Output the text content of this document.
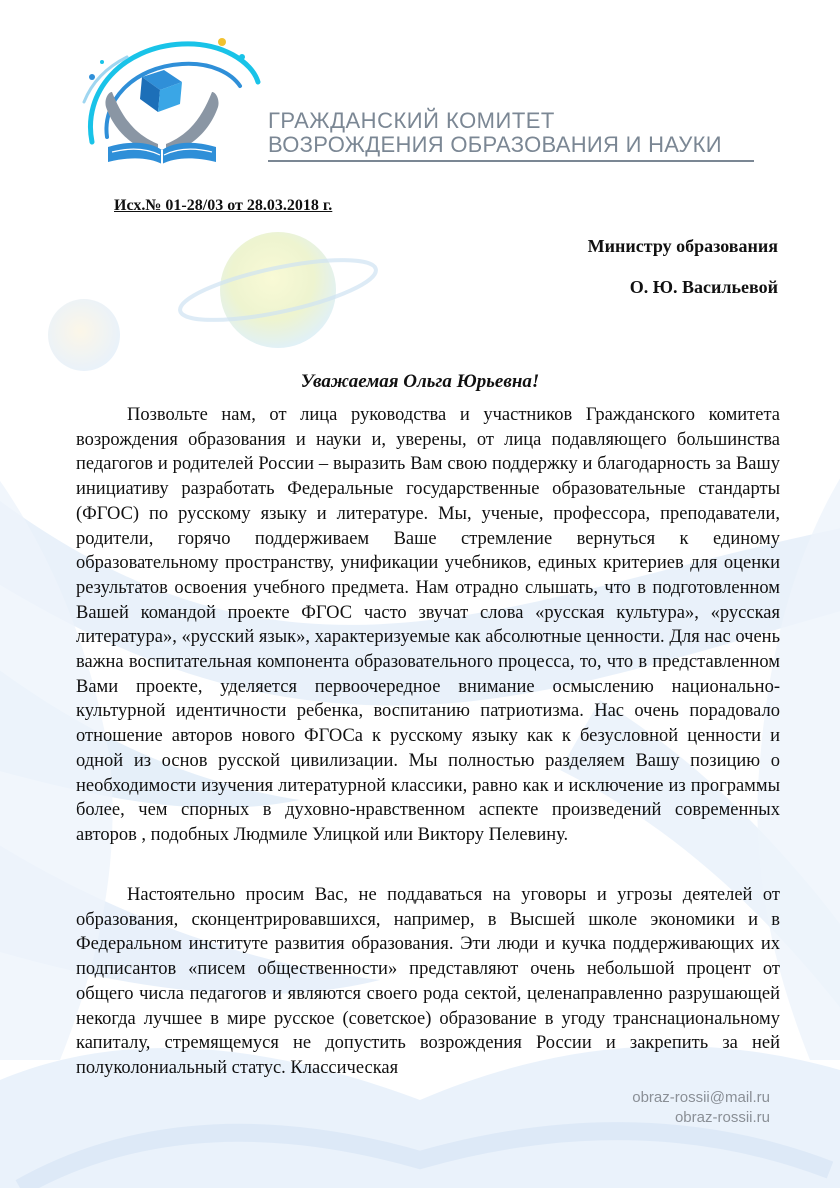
ГРАЖДАНСКИЙ КОМИТЕТ
ВОЗРОЖДЕНИЯ ОБРАЗОВАНИЯ И НАУКИ
Исх.№ 01-28/03 от 28.03.2018 г.
Министру образования
О. Ю. Васильевой
Уважаемая Ольга Юрьевна!

Позвольте нам, от лица руководства и участников Гражданского комитета возрождения образования и науки и, уверены, от лица подавляющего большинства педагогов и родителей России – выразить Вам свою поддержку и благодарность за Вашу инициативу разработать Федеральные государственные образовательные стандарты (ФГОС) по русскому языку и литературе. Мы, ученые, профессора, преподаватели, родители, горячо поддерживаем Ваше стремление вернуться к единому образовательному пространству, унификации учебников, единых критериев для оценки результатов освоения учебного предмета. Нам отрадно слышать, что в подготовленном Вашей командой проекте ФГОС часто звучат слова «русская культура», «русская литература», «русский язык», характеризуемые как абсолютные ценности. Для нас очень важна воспитательная компонента образовательного процесса, то, что в представленном Вами проекте, уделяется первоочередное внимание осмыслению национально-культурной идентичности ребенка, воспитанию патриотизма. Нас очень порадовало отношение авторов нового ФГОСа к русскому языку как к безусловной ценности и одной из основ русской цивилизации. Мы полностью разделяем Вашу позицию о необходимости изучения литературной классики, равно как и исключение из программы более, чем спорных в духовно-нравственном аспекте произведений современных авторов , подобных Людмиле Улицкой или Виктору Пелевину.

Настоятельно просим Вас, не поддаваться на уговоры и угрозы деятелей от образования, сконцентрировавшихся, например, в Высшей школе экономики и в Федеральном институте развития образования. Эти люди и кучка поддерживающих их подписантов «писем общественности» представляют очень небольшой процент от общего числа педагогов и являются своего рода сектой, целенаправленно разрушающей некогда лучшее в мире русское (советское) образование в угоду транснациональному капиталу, стремящемуся не допустить возрождения России и закрепить за ней полуколониальный статус. Классическая

obraz-rossii@mail.ru
obraz-rossii.ru
